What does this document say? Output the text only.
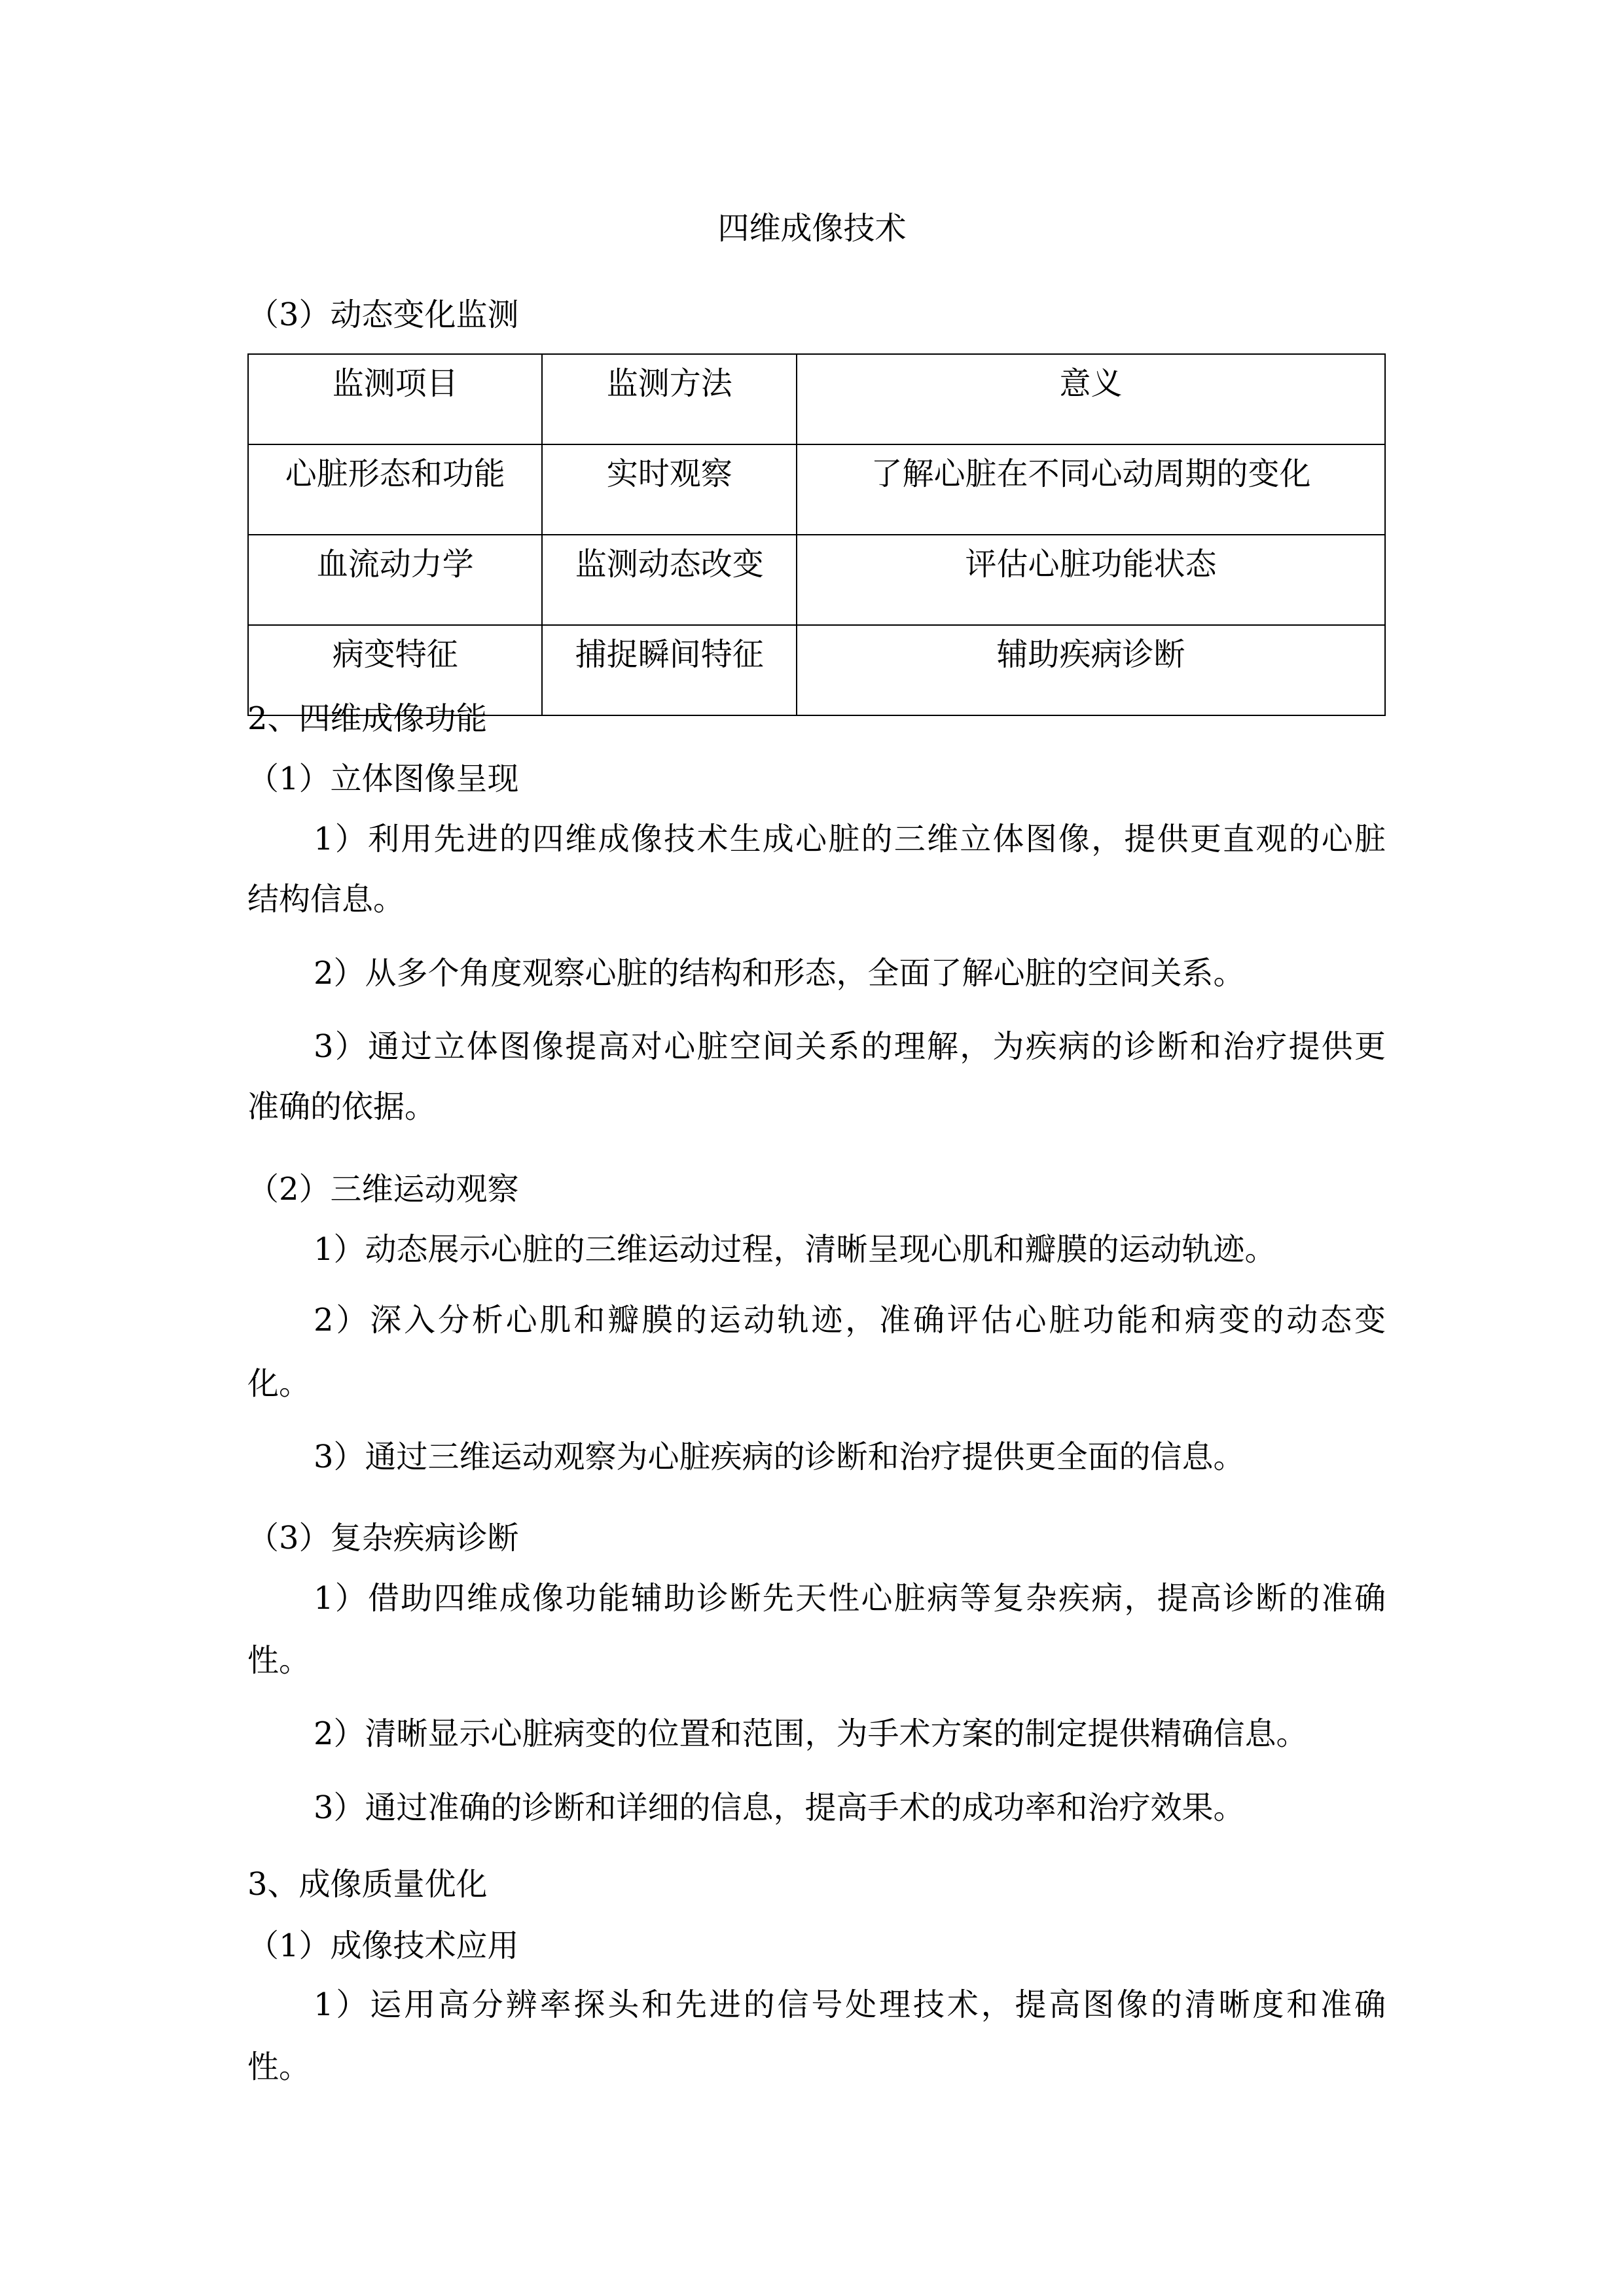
四维成像技术
（3）动态变化监测
监测项目	监测方法	意义
心脏形态和功能	实时观察	了解心脏在不同心动周期的变化
血流动力学	监测动态改变	评估心脏功能状态
病变特征	捕捉瞬间特征	辅助疾病诊断
2、四维成像功能
（1）立体图像呈现
1）利用先进的四维成像技术生成心脏的三维立体图像，提供更直观的心脏
结构信息。
2）从多个角度观察心脏的结构和形态，全面了解心脏的空间关系。
3）通过立体图像提高对心脏空间关系的理解，为疾病的诊断和治疗提供更
准确的依据。
（2）三维运动观察
1）动态展示心脏的三维运动过程，清晰呈现心肌和瓣膜的运动轨迹。
2）深入分析心肌和瓣膜的运动轨迹，准确评估心脏功能和病变的动态变
化。
3）通过三维运动观察为心脏疾病的诊断和治疗提供更全面的信息。
（3）复杂疾病诊断
1）借助四维成像功能辅助诊断先天性心脏病等复杂疾病，提高诊断的准确
性。
2）清晰显示心脏病变的位置和范围，为手术方案的制定提供精确信息。
3）通过准确的诊断和详细的信息，提高手术的成功率和治疗效果。
3、成像质量优化
（1）成像技术应用
1）运用高分辨率探头和先进的信号处理技术，提高图像的清晰度和准确
性。
